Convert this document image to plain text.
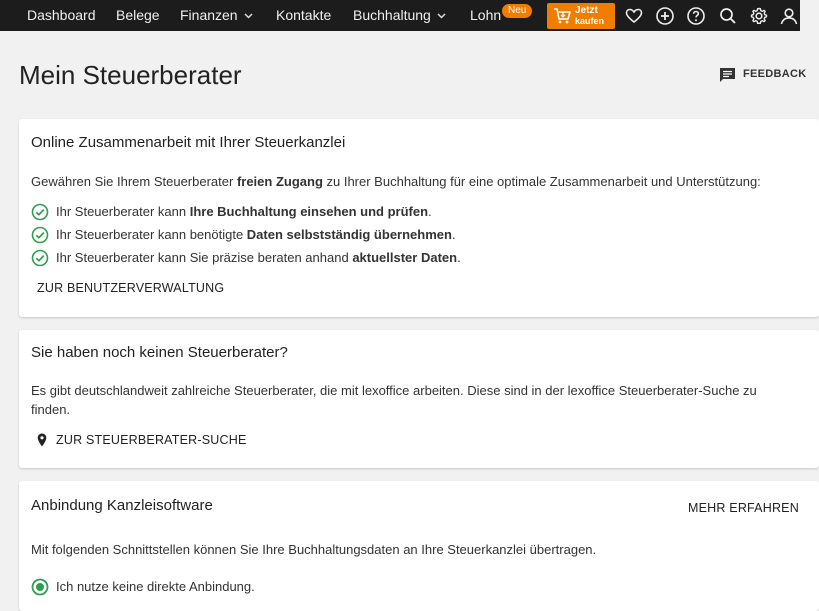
Dashboard Belege Finanzen	Kontakte Buchhaltung	Lohn Neu	Jetzt
kaufen
Mein Steuerberater	FEEDBACK
Online Zusammenarbeit mit Ihrer Steuerkanzlei
Gewähren Sie Ihrem Steuerberater freien Zugang zu Ihrer Buchhaltung für eine optimale Zusammenarbeit und Unterstützung:
Ihr Steuerberater kann Ihre Buchhaltung einsehen und prüfen.
Ihr Steuerberater kann benötigte Daten selbstständig übernehmen.
Ihr Steuerberater kann Sie präzise beraten anhand aktuellster Daten.
ZUR BENUTZERVERWALTUNG
Sie haben noch keinen Steuerberater?
Es gibt deutschlandweit zahlreiche Steuerberater, die mit lexoffice arbeiten. Diese sind in der lexoffice Steuerberater-Suche zu finden.
ZUR STEUERBERATER-SUCHE
Anbindung Kanzleisoftware	MEHR ERFAHREN
Mit folgenden Schnittstellen können Sie Ihre Buchhaltungsdaten an Ihre Steuerkanzlei übertragen.
Ich nutze keine direkte Anbindung.
